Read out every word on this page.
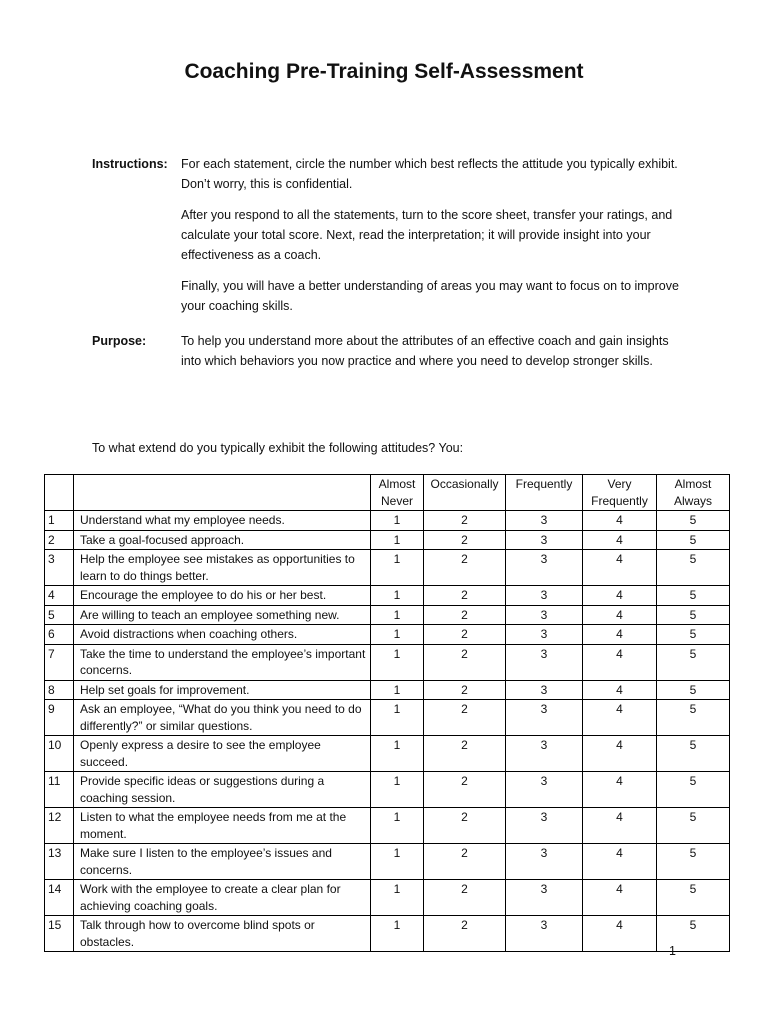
Coaching Pre-Training Self-Assessment
Instructions:	For each statement, circle the number which best reflects the attitude you typically exhibit. Don’t worry, this is confidential.

After you respond to all the statements, turn to the score sheet, transfer your ratings, and calculate your total score. Next, read the interpretation; it will provide insight into your effectiveness as a coach.

Finally, you will have a better understanding of areas you may want to focus on to improve your coaching skills.

Purpose:	To help you understand more about the attributes of an effective coach and gain insights into which behaviors you now practice and where you need to develop stronger skills.
To what extend do you typically exhibit the following attitudes? You:
		Almost Never	Occasionally	Frequently	Very Frequently	Almost Always
1	Understand what my employee needs.	1	2	3	4	5
2	Take a goal-focused approach.	1	2	3	4	5
3	Help the employee see mistakes as opportunities to learn to do things better.	1	2	3	4	5
4	Encourage the employee to do his or her best.	1	2	3	4	5
5	Are willing to teach an employee something new.	1	2	3	4	5
6	Avoid distractions when coaching others.	1	2	3	4	5
7	Take the time to understand the employee’s important concerns.	1	2	3	4	5
8	Help set goals for improvement.	1	2	3	4	5
9	Ask an employee, “What do you think you need to do differently?” or similar questions.	1	2	3	4	5
10	Openly express a desire to see the employee succeed.	1	2	3	4	5
11	Provide specific ideas or suggestions during a coaching session.	1	2	3	4	5
12	Listen to what the employee needs from me at the moment.	1	2	3	4	5
13	Make sure I listen to the employee’s issues and concerns.	1	2	3	4	5
14	Work with the employee to create a clear plan for achieving coaching goals.	1	2	3	4	5
15	Talk through how to overcome blind spots or obstacles.	1	2	3	4	5
1
